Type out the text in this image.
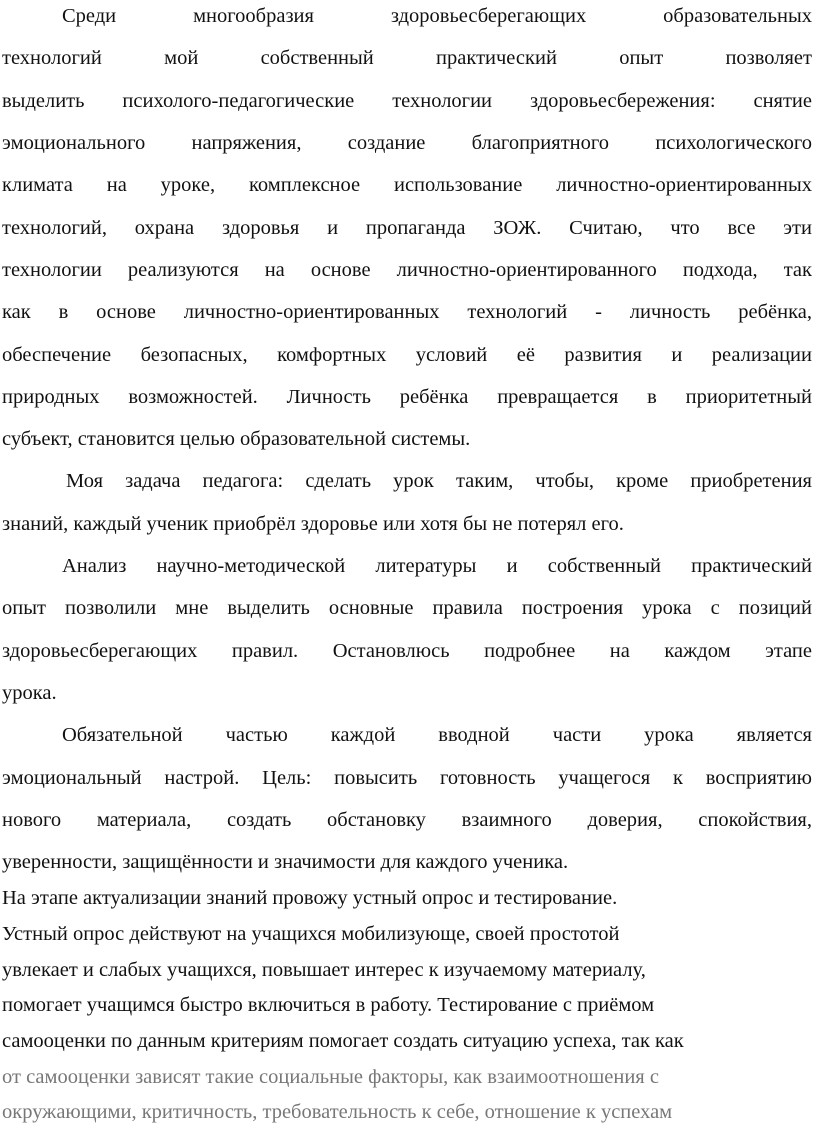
Среди многообразия здоровьесберегающих образовательных
технологий мой собственный практический опыт позволяет
выделить психолого-педагогические технологии здоровьесбережения: снятие
эмоционального напряжения, создание благоприятного психологического
климата на уроке, комплексное использование личностно-ориентированных
технологий, охрана здоровья и пропаганда ЗОЖ. Считаю, что все эти
технологии реализуются на основе личностно-ориентированного подхода, так
как в основе личностно-ориентированных технологий - личность ребёнка,
обеспечение безопасных, комфортных условий её развития и реализации
природных возможностей. Личность ребёнка превращается в приоритетный
субъект, становится целью образовательной системы.
Моя задача педагога: сделать урок таким, чтобы, кроме приобретения
знаний, каждый ученик приобрёл здоровье или хотя бы не потерял его.
Анализ научно-методической литературы и собственный практический
опыт позволили мне выделить основные правила построения урока с позиций
здоровьесберегающих правил. Остановлюсь подробнее на каждом этапе
урока.
Обязательной частью каждой вводной части урока является
эмоциональный настрой. Цель: повысить готовность учащегося к восприятию
нового материала, создать обстановку взаимного доверия, спокойствия,
уверенности, защищённости и значимости для каждого ученика.
На этапе актуализации знаний провожу устный опрос и тестирование.
Устный опрос действуют на учащихся мобилизующе, своей простотой
увлекает и слабых учащихся, повышает интерес к изучаемому материалу,
помогает учащимся быстро включиться в работу. Тестирование с приёмом
самооценки по данным критериям помогает создать ситуацию успеха, так как
от самооценки зависят такие социальные факторы, как взаимоотношения с
окружающими, критичность, требовательность к себе, отношение к успехам
